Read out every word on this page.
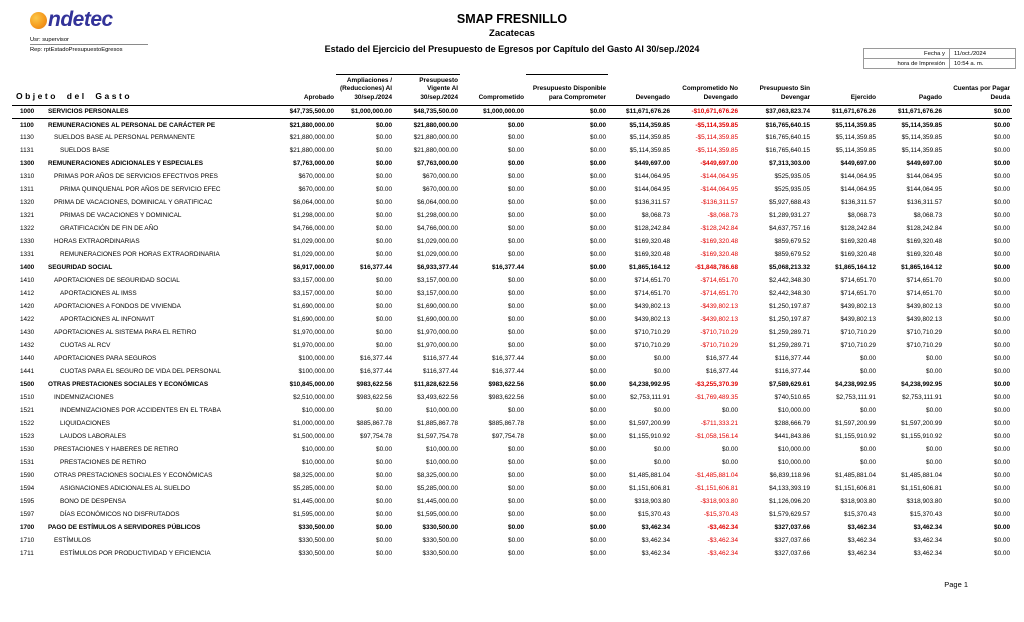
ndetec
Usr: supervisor
Rep: rptEstadoPresupuestoEgresos
SMAP FRESNILLO
Zacatecas
Estado del Ejercicio del Presupuesto de Egresos por Capítulo del Gasto Al 30/sep./2024	Fecha y	11/oct./2024
hora de Impresión	10:54 a. m.
Objeto del Gasto		Aprobado	Ampliaciones / (Reducciones) Al 30/sep./2024	Presupuesto Vigente Al 30/sep./2024	Comprometido	Presupuesto Disponible para Comprometer	Devengado	Comprometido No Devengado	Presupuesto Sin Devengar	Ejercido	Pagado	Cuentas por Pagar Deuda
1000	SERVICIOS PERSONALES	$47,735,500.00	$1,000,000.00	$48,735,500.00	$1,000,000.00	$0.00	$11,671,676.26	-$10,671,676.26	$37,063,823.74	$11,671,676.26	$11,671,676.26	$0.00
1100	REMUNERACIONES AL PERSONAL DE CARÁCTER PE	$21,880,000.00	$0.00	$21,880,000.00	$0.00	$0.00	$5,114,359.85	-$5,114,359.85	$16,765,640.15	$5,114,359.85	$5,114,359.85	$0.00
1130	SUELDOS BASE AL PERSONAL PERMANENTE	$21,880,000.00	$0.00	$21,880,000.00	$0.00	$0.00	$5,114,359.85	-$5,114,359.85	$16,765,640.15	$5,114,359.85	$5,114,359.85	$0.00
1131	SUELDOS BASE	$21,880,000.00	$0.00	$21,880,000.00	$0.00	$0.00	$5,114,359.85	-$5,114,359.85	$16,765,640.15	$5,114,359.85	$5,114,359.85	$0.00
1300	REMUNERACIONES ADICIONALES Y ESPECIALES	$7,763,000.00	$0.00	$7,763,000.00	$0.00	$0.00	$449,697.00	-$449,697.00	$7,313,303.00	$449,697.00	$449,697.00	$0.00
1310	PRIMAS POR AÑOS DE SERVICIOS EFECTIVOS PRES	$670,000.00	$0.00	$670,000.00	$0.00	$0.00	$144,064.95	-$144,064.95	$525,935.05	$144,064.95	$144,064.95	$0.00
1311	PRIMA QUINQUENAL POR AÑOS DE SERVICIO EFEC	$670,000.00	$0.00	$670,000.00	$0.00	$0.00	$144,064.95	-$144,064.95	$525,935.05	$144,064.95	$144,064.95	$0.00
1320	PRIMA DE VACACIONES, DOMINICAL Y GRATIFICAC	$6,064,000.00	$0.00	$6,064,000.00	$0.00	$0.00	$136,311.57	-$136,311.57	$5,927,688.43	$136,311.57	$136,311.57	$0.00
1321	PRIMAS DE VACACIONES Y DOMINICAL	$1,298,000.00	$0.00	$1,298,000.00	$0.00	$0.00	$8,068.73	-$8,068.73	$1,289,931.27	$8,068.73	$8,068.73	$0.00
1322	GRATIFICACIÓN DE FIN DE AÑO	$4,766,000.00	$0.00	$4,766,000.00	$0.00	$0.00	$128,242.84	-$128,242.84	$4,637,757.16	$128,242.84	$128,242.84	$0.00
1330	HORAS EXTRAORDINARIAS	$1,029,000.00	$0.00	$1,029,000.00	$0.00	$0.00	$169,320.48	-$169,320.48	$859,679.52	$169,320.48	$169,320.48	$0.00
1331	REMUNERACIONES POR HORAS EXTRAORDINARIA	$1,029,000.00	$0.00	$1,029,000.00	$0.00	$0.00	$169,320.48	-$169,320.48	$859,679.52	$169,320.48	$169,320.48	$0.00
1400	SEGURIDAD SOCIAL	$6,917,000.00	$16,377.44	$6,933,377.44	$16,377.44	$0.00	$1,865,164.12	-$1,848,786.68	$5,068,213.32	$1,865,164.12	$1,865,164.12	$0.00
1410	APORTACIONES DE SEGURIDAD SOCIAL	$3,157,000.00	$0.00	$3,157,000.00	$0.00	$0.00	$714,651.70	-$714,651.70	$2,442,348.30	$714,651.70	$714,651.70	$0.00
1412	APORTACIONES AL IMSS	$3,157,000.00	$0.00	$3,157,000.00	$0.00	$0.00	$714,651.70	-$714,651.70	$2,442,348.30	$714,651.70	$714,651.70	$0.00
1420	APORTACIONES A FONDOS DE VIVIENDA	$1,690,000.00	$0.00	$1,690,000.00	$0.00	$0.00	$439,802.13	-$439,802.13	$1,250,197.87	$439,802.13	$439,802.13	$0.00
1422	APORTACIONES AL INFONAVIT	$1,690,000.00	$0.00	$1,690,000.00	$0.00	$0.00	$439,802.13	-$439,802.13	$1,250,197.87	$439,802.13	$439,802.13	$0.00
1430	APORTACIONES AL SISTEMA PARA EL RETIRO	$1,970,000.00	$0.00	$1,970,000.00	$0.00	$0.00	$710,710.29	-$710,710.29	$1,259,289.71	$710,710.29	$710,710.29	$0.00
1432	CUOTAS AL RCV	$1,970,000.00	$0.00	$1,970,000.00	$0.00	$0.00	$710,710.29	-$710,710.29	$1,259,289.71	$710,710.29	$710,710.29	$0.00
1440	APORTACIONES PARA SEGUROS	$100,000.00	$16,377.44	$116,377.44	$16,377.44	$0.00	$0.00	$16,377.44	$116,377.44	$0.00	$0.00	$0.00
1441	CUOTAS PARA EL SEGURO DE VIDA DEL PERSONAL	$100,000.00	$16,377.44	$116,377.44	$16,377.44	$0.00	$0.00	$16,377.44	$116,377.44	$0.00	$0.00	$0.00
1500	OTRAS PRESTACIONES SOCIALES Y ECONÓMICAS	$10,845,000.00	$983,622.56	$11,828,622.56	$983,622.56	$0.00	$4,238,992.95	-$3,255,370.39	$7,589,629.61	$4,238,992.95	$4,238,992.95	$0.00
1510	INDEMNIZACIONES	$2,510,000.00	$983,622.56	$3,493,622.56	$983,622.56	$0.00	$2,753,111.91	-$1,769,489.35	$740,510.65	$2,753,111.91	$2,753,111.91	$0.00
1521	INDEMNIZACIONES POR ACCIDENTES EN EL TRABA	$10,000.00	$0.00	$10,000.00	$0.00	$0.00	$0.00	$0.00	$10,000.00	$0.00	$0.00	$0.00
1522	LIQUIDACIONES	$1,000,000.00	$885,867.78	$1,885,867.78	$885,867.78	$0.00	$1,597,200.99	-$711,333.21	$288,666.79	$1,597,200.99	$1,597,200.99	$0.00
1523	LAUDOS LABORALES	$1,500,000.00	$97,754.78	$1,597,754.78	$97,754.78	$0.00	$1,155,910.92	-$1,058,156.14	$441,843.86	$1,155,910.92	$1,155,910.92	$0.00
1530	PRESTACIONES Y HABERES DE RETIRO	$10,000.00	$0.00	$10,000.00	$0.00	$0.00	$0.00	$0.00	$10,000.00	$0.00	$0.00	$0.00
1531	PRESTACIONES DE RETIRO	$10,000.00	$0.00	$10,000.00	$0.00	$0.00	$0.00	$0.00	$10,000.00	$0.00	$0.00	$0.00
1590	OTRAS PRESTACIONES SOCIALES Y ECONÓMICAS	$8,325,000.00	$0.00	$8,325,000.00	$0.00	$0.00	$1,485,881.04	-$1,485,881.04	$6,839,118.96	$1,485,881.04	$1,485,881.04	$0.00
1594	ASIGNACIONES ADICIONALES AL SUELDO	$5,285,000.00	$0.00	$5,285,000.00	$0.00	$0.00	$1,151,606.81	-$1,151,606.81	$4,133,393.19	$1,151,606.81	$1,151,606.81	$0.00
1595	BONO DE DESPENSA	$1,445,000.00	$0.00	$1,445,000.00	$0.00	$0.00	$318,903.80	-$318,903.80	$1,126,096.20	$318,903.80	$318,903.80	$0.00
1597	DÍAS ECONÓMICOS NO DISFRUTADOS	$1,595,000.00	$0.00	$1,595,000.00	$0.00	$0.00	$15,370.43	-$15,370.43	$1,579,629.57	$15,370.43	$15,370.43	$0.00
1700	PAGO DE ESTÍMULOS A SERVIDORES PÚBLICOS	$330,500.00	$0.00	$330,500.00	$0.00	$0.00	$3,462.34	-$3,462.34	$327,037.66	$3,462.34	$3,462.34	$0.00
1710	ESTÍMULOS	$330,500.00	$0.00	$330,500.00	$0.00	$0.00	$3,462.34	-$3,462.34	$327,037.66	$3,462.34	$3,462.34	$0.00
1711	ESTÍMULOS POR PRODUCTIVIDAD Y EFICIENCIA	$330,500.00	$0.00	$330,500.00	$0.00	$0.00	$3,462.34	-$3,462.34	$327,037.66	$3,462.34	$3,462.34	$0.00
Page 1
